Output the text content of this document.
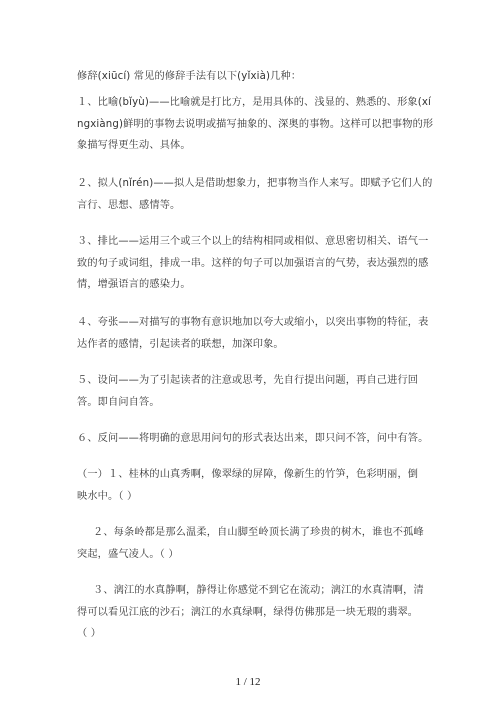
修辞(xiūcí) 常见的修辞手法有以下(yǐxià)几种：

１、比喻(bǐyù)——比喻就是打比方，是用具体的、浅显的、熟悉的、形象(xí
ngxiàng)鲜明的事物去说明或描写抽象的、深奥的事物。这样可以把事物的形
象描写得更生动、具体。

２、拟人(nǐrén)——拟人是借助想象力，把事物当作人来写。即赋予它们人的
言行、思想、感情等。

３、排比——运用三个或三个以上的结构相同或相似、意思密切相关、语气一
致的句子或词组，排成一串。这样的句子可以加强语言的气势，表达强烈的感
情，增强语言的感染力。

４、夸张——对描写的事物有意识地加以夸大或缩小，以突出事物的特征，表
达作者的感情，引起读者的联想，加深印象。

５、设问——为了引起读者的注意或思考，先自行提出问题，再自己进行回
答。即自问自答。

６、反问——将明确的意思用问句的形式表达出来，即只问不答，问中有答。

（一）１、桂林的山真秀啊，像翠绿的屏障，像新生的竹笋，色彩明丽，倒
映水中。（ ）

２、每条岭都是那么温柔，自山脚至岭顶长满了珍贵的树木，谁也不孤峰
突起，盛气凌人。（ ）

３、漓江的水真静啊，静得让你感觉不到它在流动；漓江的水真清啊，清
得可以看见江底的沙石；漓江的水真绿啊，绿得仿佛那是一块无瑕的翡翠。
（ ）

1 / 12
